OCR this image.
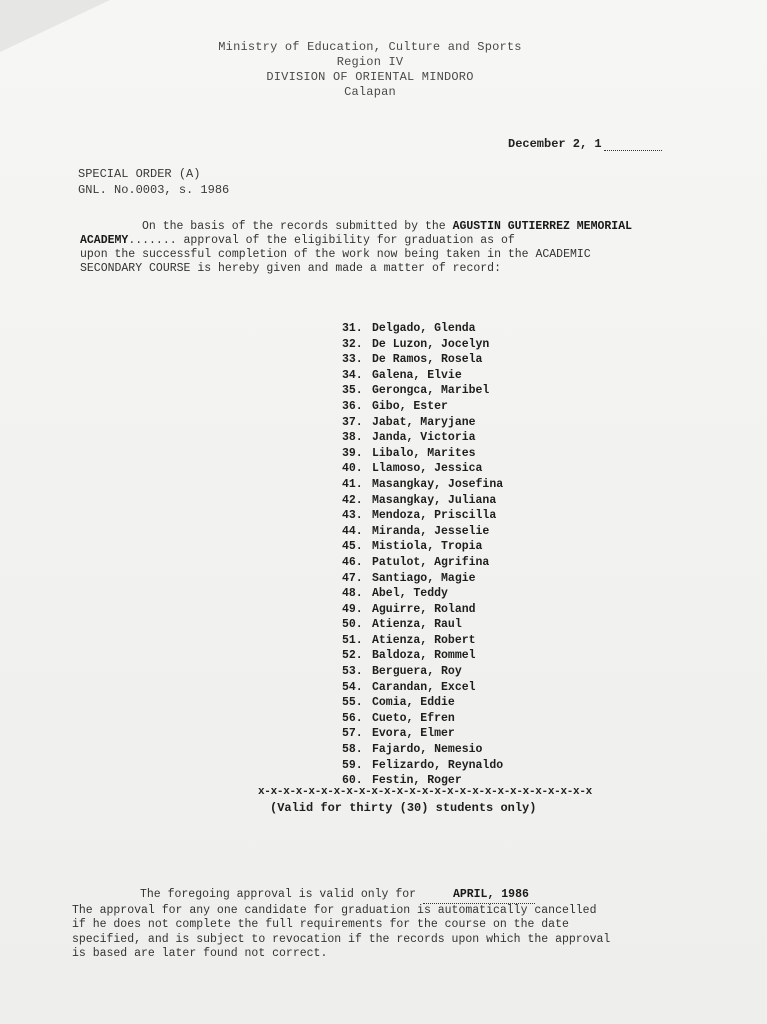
Ministry of Education, Culture and Sports
Region IV
DIVISION OF ORIENTAL MINDORO
Calapan
December 2, 1
SPECIAL ORDER (A)
GNL. No.0003, s. 1986
On the basis of the records submitted by the AGUSTIN GUTIERREZ MEMORIAL
ACADEMY....... approval of the eligibility for graduation as of
upon the successful completion of the work now being taken in the ACADEMIC
SECONDARY COURSE is hereby given and made a matter of record:
31. Delgado, Glenda
32. De Luzon, Jocelyn
33. De Ramos, Rosela
34. Galena, Elvie
35. Gerongca, Maribel
36. Gibo, Ester
37. Jabat, Maryjane
38. Janda, Victoria
39. Libalo, Marites
40. Llamoso, Jessica
41. Masangkay, Josefina
42. Masangkay, Juliana
43. Mendoza, Priscilla
44. Miranda, Jesselie
45. Mistiola, Tropia
46. Patulot, Agrifina
47. Santiago, Magie
48. Abel, Teddy
49. Aguirre, Roland
50. Atienza, Raul
51. Atienza, Robert
52. Baldoza, Rommel
53. Berguera, Roy
54. Carandan, Excel
55. Comia, Eddie
56. Cueto, Efren
57. Evora, Elmer
58. Fajardo, Nemesio
59. Felizardo, Reynaldo
60. Festin, Roger
x-x-x-x-x-x-x-x-x-x-x-x-x-x-x-x-x-x-x-x-x-x-x-x-x-x-x
(Valid for thirty (30) students only)
The foregoing approval is valid only for	APRIL, 1986
The approval for any one candidate for graduation is automatically cancelled
if he does not complete the full requirements for the course on the date
specified, and is subject to revocation if the records upon which the approval
is based are later found not correct.
